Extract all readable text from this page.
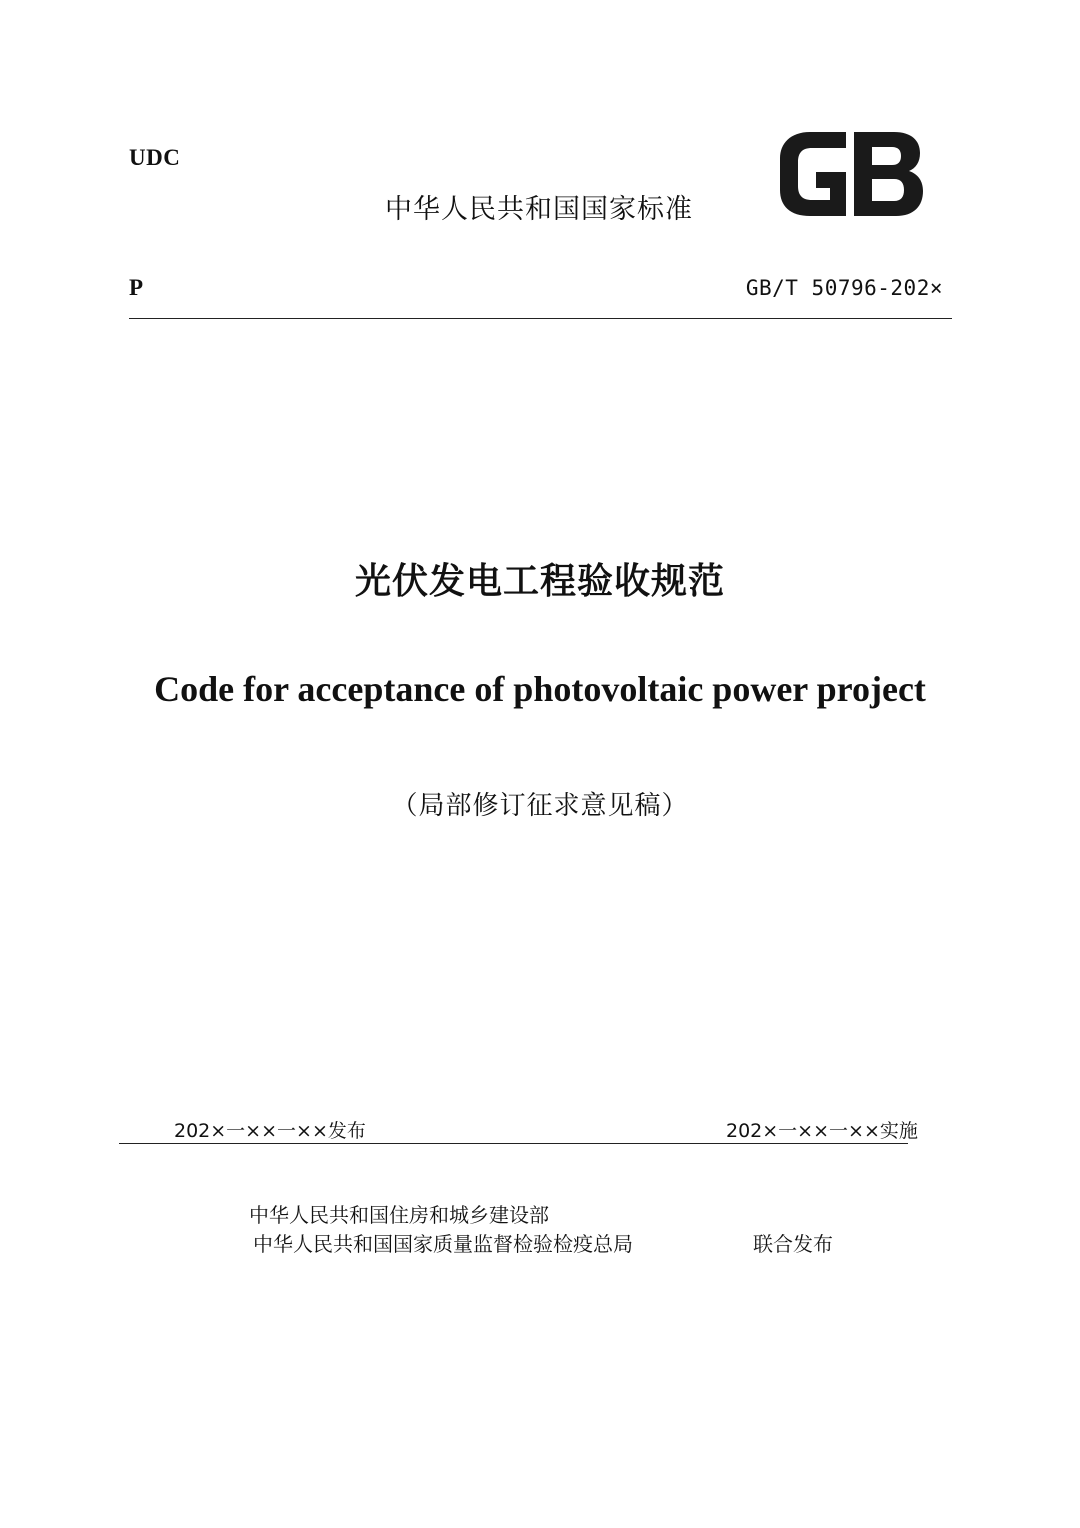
UDC
中华人民共和国国家标准
P	GB/T 50796-202×
光伏发电工程验收规范
Code for acceptance of photovoltaic power project
（局部修订征求意见稿）
202×一××一××发布	202×一××一××实施
中华人民共和国住房和城乡建设部
中华人民共和国国家质量监督检验检疫总局	联合发布
